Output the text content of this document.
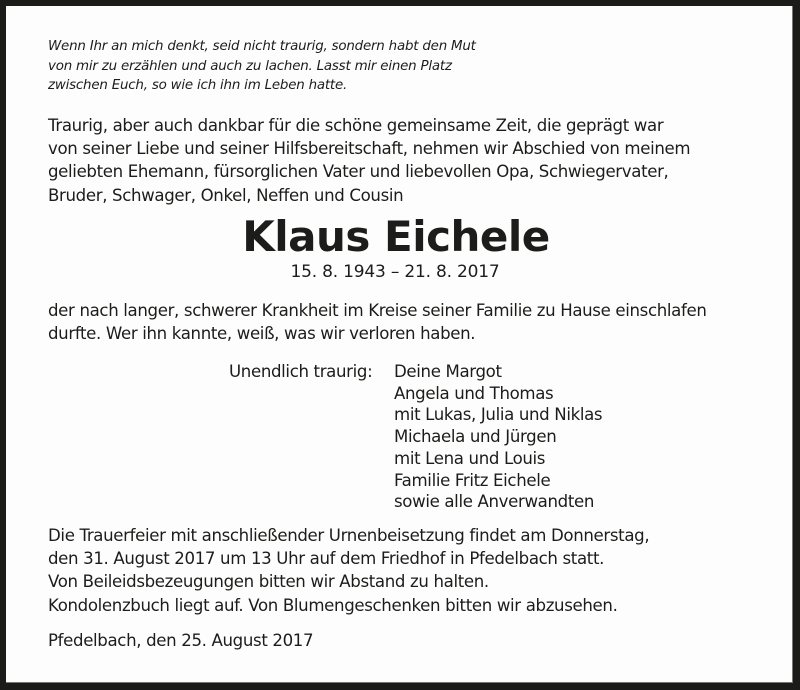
Wenn Ihr an mich denkt, seid nicht traurig, sondern habt den Mut
von mir zu erzählen und auch zu lachen. Lasst mir einen Platz
zwischen Euch, so wie ich ihn im Leben hatte.
Traurig, aber auch dankbar für die schöne gemeinsame Zeit, die geprägt war
von seiner Liebe und seiner Hilfsbereitschaft, nehmen wir Abschied von meinem
geliebten Ehemann, fürsorglichen Vater und liebevollen Opa, Schwiegervater,
Bruder, Schwager, Onkel, Neffen und Cousin
Klaus Eichele
15. 8. 1943 – 21. 8. 2017
der nach langer, schwerer Krankheit im Kreise seiner Familie zu Hause einschlafen
durfte. Wer ihn kannte, weiß, was wir verloren haben.
Unendlich traurig: Deine Margot
Angela und Thomas
mit Lukas, Julia und Niklas
Michaela und Jürgen
mit Lena und Louis
Familie Fritz Eichele
sowie alle Anverwandten
Die Trauerfeier mit anschließender Urnenbeisetzung findet am Donnerstag,
den 31. August 2017 um 13 Uhr auf dem Friedhof in Pfedelbach statt.
Von Beileidsbezeugungen bitten wir Abstand zu halten.
Kondolenzbuch liegt auf. Von Blumengeschenken bitten wir abzusehen.
Pfedelbach, den 25. August 2017
